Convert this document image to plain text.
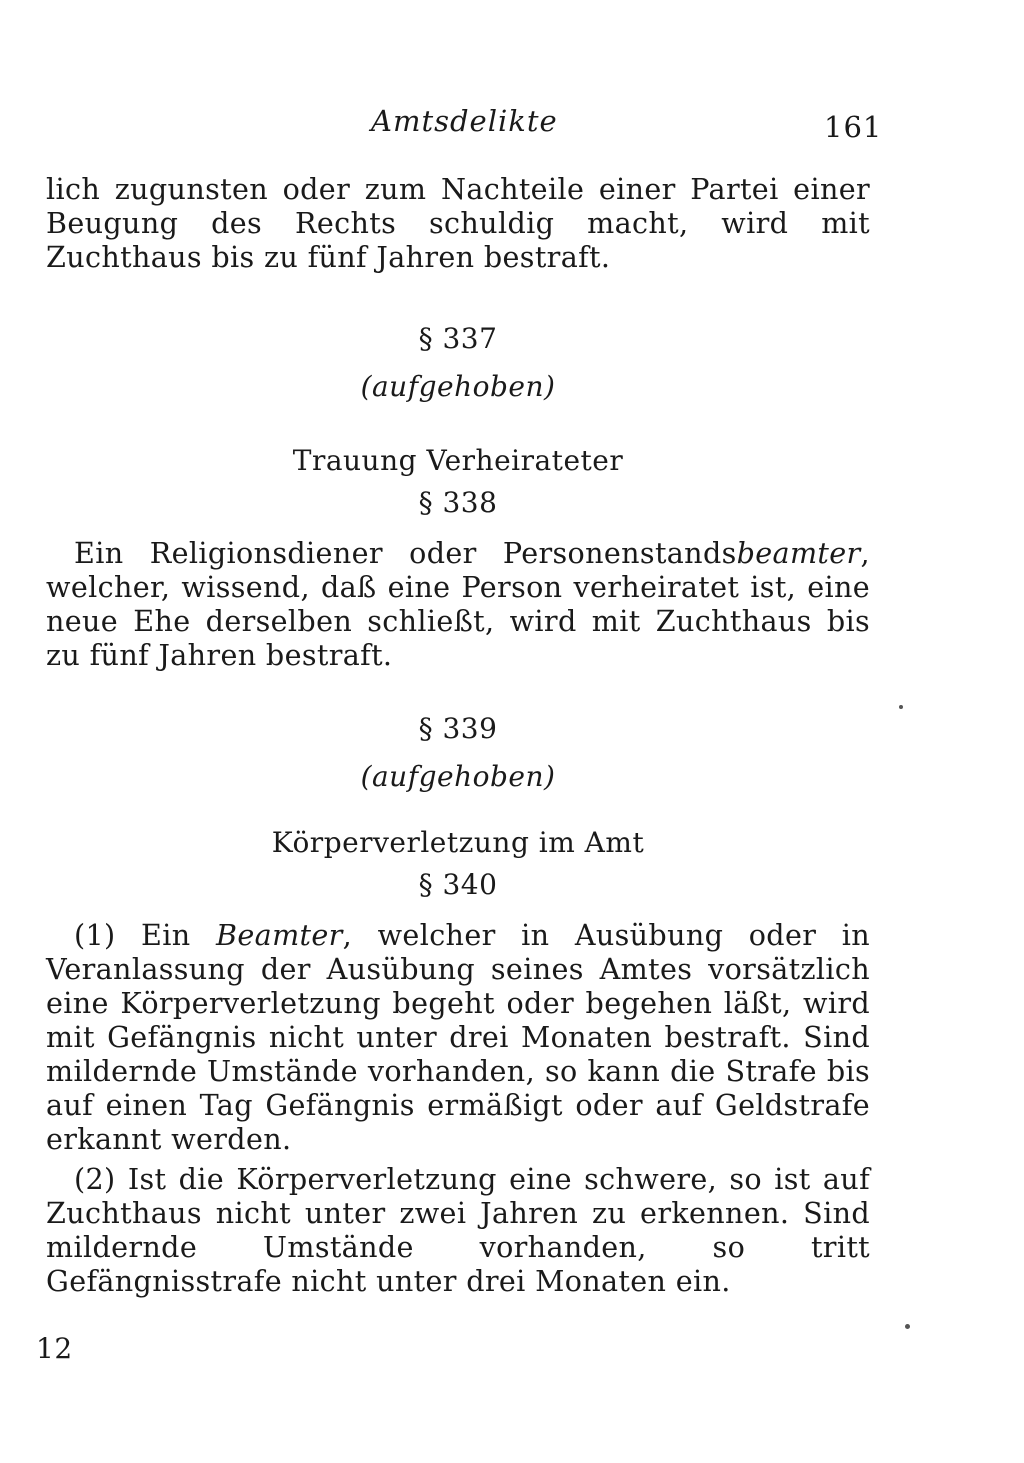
Amtsdelikte	161

lich zugunsten oder zum Nachteile einer Partei einer Beugung des Rechts schuldig macht, wird mit Zuchthaus bis zu fünf Jahren bestraft.

§ 337
(aufgehoben)
Trauung Verheirateter
§ 338

Ein Religionsdiener oder Personenstandsbeamter, welcher, wissend, daß eine Person verheiratet ist, eine neue Ehe derselben schließt, wird mit Zuchthaus bis zu fünf Jahren bestraft.

§ 339
(aufgehoben)
Körperverletzung im Amt
§ 340

(1) Ein Beamter, welcher in Ausübung oder in Veranlassung der Ausübung seines Amtes vorsätzlich eine Körperverletzung begeht oder begehen läßt, wird mit Gefängnis nicht unter drei Monaten bestraft. Sind mildernde Umstände vorhanden, so kann die Strafe bis auf einen Tag Gefängnis ermäßigt oder auf Geldstrafe erkannt werden.

(2) Ist die Körperverletzung eine schwere, so ist auf Zuchthaus nicht unter zwei Jahren zu erkennen. Sind mildernde Umstände vorhanden, so tritt Gefängnisstrafe nicht unter drei Monaten ein.

12
